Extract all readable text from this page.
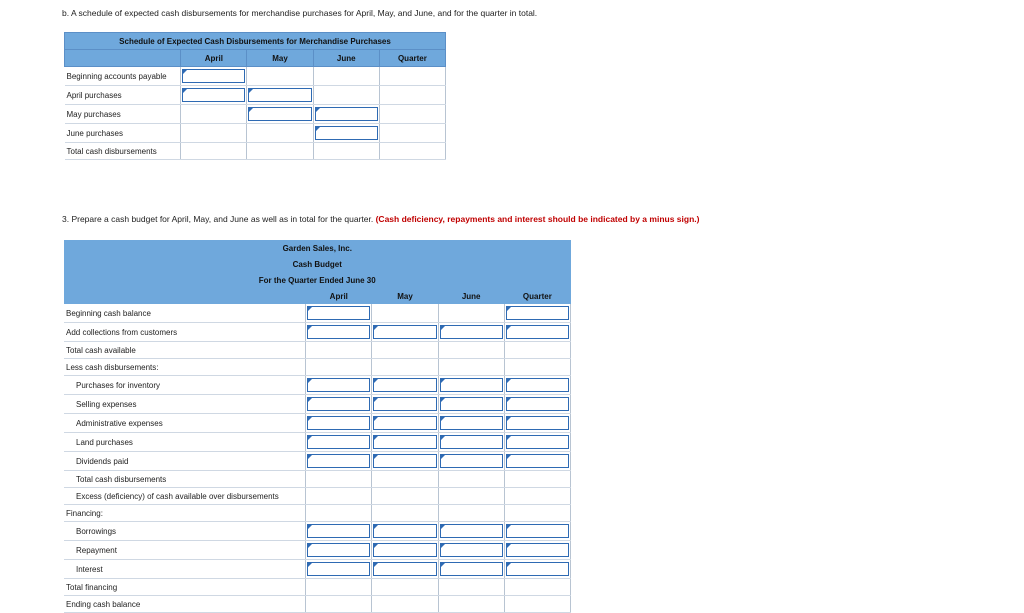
b. A schedule of expected cash disbursements for merchandise purchases for April, May, and June, and for the quarter in total.
Schedule of Expected Cash Disbursements for Merchandise Purchases				
	April	May	June	Quarter
Beginning accounts payable	

April purchases	

May purchases		

June purchases			

Total cash disbursements				
3. Prepare a cash budget for April, May, and June as well as in total for the quarter. (Cash deficiency, repayments and interest should be indicated by a minus sign.)
Garden Sales, Inc.				
Cash Budget				
For the Quarter Ended June 30				
	April	May	June	Quarter
Beginning cash balance	

Add collections from customers	

Total cash available				
Less cash disbursements:				
Purchases for inventory	

Selling expenses	

Administrative expenses	

Land purchases	

Dividends paid	

Total cash disbursements				
Excess (deficiency) of cash available over disbursements				
Financing:				
Borrowings	

Repayment	

Interest	

Total financing				
Ending cash balance				
